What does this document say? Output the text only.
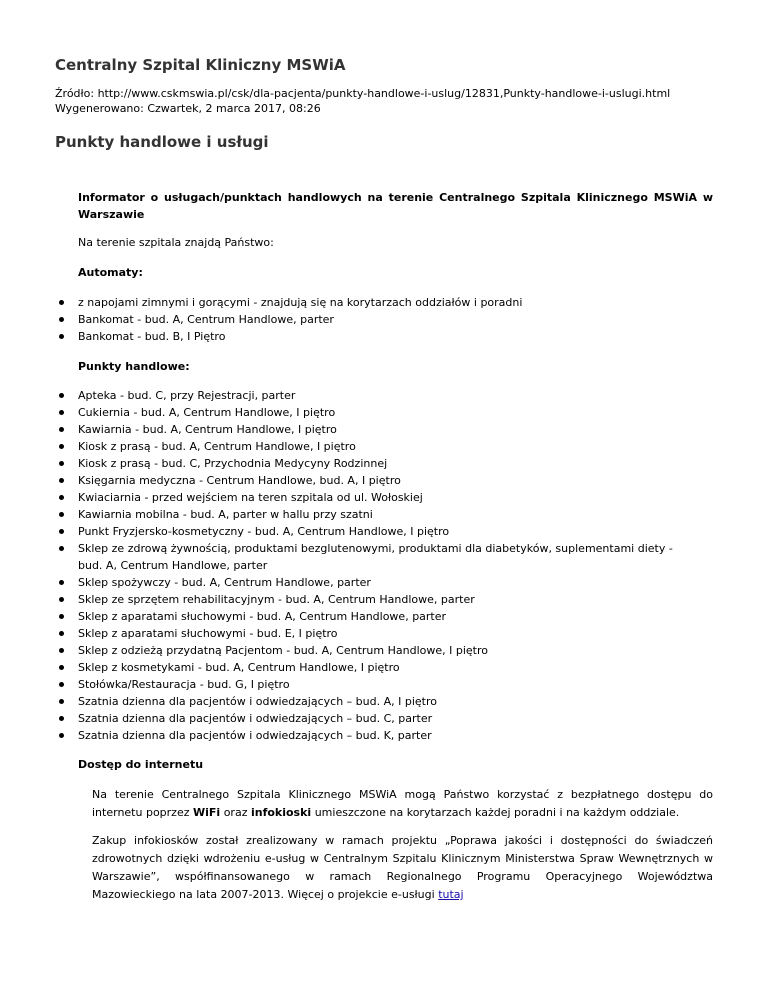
Centralny Szpital Kliniczny MSWiA
Źródło: http://www.cskmswia.pl/csk/dla-pacjenta/punkty-handlowe-i-uslug/12831,Punkty-handlowe-i-uslugi.html
Wygenerowano: Czwartek, 2 marca 2017, 08:26
Punkty handlowe i usługi

Informator o usługach/punktach handlowych na terenie Centralnego Szpitala Klinicznego MSWiA w

Warszawie

Na terenie szpitala znajdą Państwo:

Automaty:

z napojami zimnymi i gorącymi - znajdują się na korytarzach oddziałów i poradni
Bankomat - bud. A, Centrum Handlowe, parter
Bankomat - bud. B, I Piętro

Punkty handlowe:

Apteka - bud. C, przy Rejestracji, parter
Cukiernia - bud. A, Centrum Handlowe, I piętro
Kawiarnia - bud. A, Centrum Handlowe, I piętro
Kiosk z prasą - bud. A, Centrum Handlowe, I piętro
Kiosk z prasą - bud. C, Przychodnia Medycyny Rodzinnej
Księgarnia medyczna - Centrum Handlowe, bud. A, I piętro
Kwiaciarnia - przed wejściem na teren szpitala od ul. Wołoskiej
Kawiarnia mobilna - bud. A, parter w hallu przy szatni
Punkt Fryzjersko-kosmetyczny - bud. A, Centrum Handlowe, I piętro
Sklep ze zdrową żywnością, produktami bezglutenowymi, produktami dla diabetyków, suplementami diety - bud. A, Centrum Handlowe, parter
Sklep spożywczy - bud. A, Centrum Handlowe, parter
Sklep ze sprzętem rehabilitacyjnym - bud. A, Centrum Handlowe, parter
Sklep z aparatami słuchowymi - bud. A, Centrum Handlowe, parter
Sklep z aparatami słuchowymi - bud. E, I piętro
Sklep z odzieżą przydatną Pacjentom - bud. A, Centrum Handlowe, I piętro
Sklep z kosmetykami - bud. A, Centrum Handlowe, I piętro
Stołówka/Restauracja - bud. G, I piętro
Szatnia dzienna dla pacjentów i odwiedzających – bud. A, I piętro
Szatnia dzienna dla pacjentów i odwiedzających – bud. C, parter
Szatnia dzienna dla pacjentów i odwiedzających – bud. K, parter

Dostęp do internetu

Na terenie Centralnego Szpitala Klinicznego MSWiA mogą Państwo korzystać z bezpłatnego dostępu do internetu poprzez WiFi oraz infokioski umieszczone na korytarzach każdej poradni i na każdym oddziale.

Zakup infokiosków został zrealizowany w ramach projektu „Poprawa jakości i dostępności do świadczeń zdrowotnych dzięki wdrożeniu e-usług w Centralnym Szpitalu Klinicznym Ministerstwa Spraw Wewnętrznych w Warszawie”, współfinansowanego w ramach Regionalnego Programu Operacyjnego Województwa Mazowieckiego na lata 2007-2013. Więcej o projekcie e-usługi tutaj
